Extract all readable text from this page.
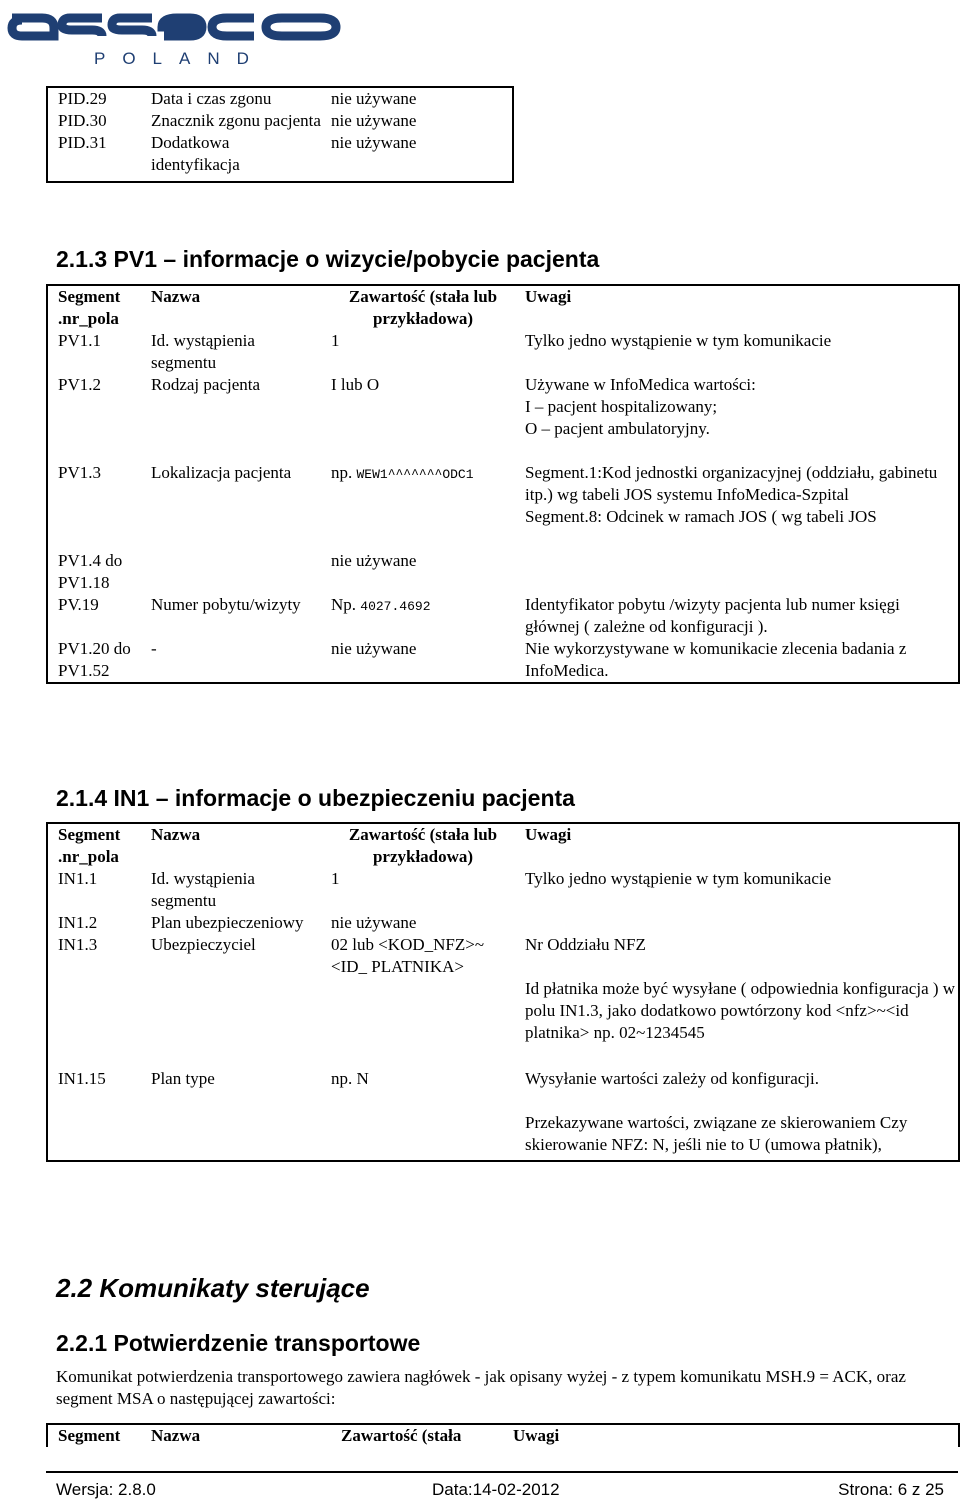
POLAND
PID.29	Data i czas zgonu	nie używane
PID.30	Znacznik zgonu pacjenta	nie używane
PID.31	Dodatkowa identyfikacja	nie używane
2.1.3 PV1 – informacje o wizycie/pobycie pacjenta
Segment .nr_pola	Nazwa	Zawartość (stała lub przykładowa)	Uwagi
PV1.1	Id. wystąpienia segmentu	1	Tylko jedno wystąpienie w tym komunikacie
PV1.2	Rodzaj pacjenta	I lub O	Używane w InfoMedica wartości:
I – pacjent hospitalizowany;
O – pacjent ambulatoryjny.

PV1.3	Lokalizacja pacjenta	np. WEW1^^^^^^^ODC1	Segment.1:Kod jednostki organizacyjnej (oddziału, gabinetu itp.) wg tabeli JOS systemu InfoMedica-Szpital
Segment.8: Odcinek w ramach JOS ( wg tabeli JOS

PV1.4 do PV1.18		nie używane	
PV.19	Numer pobytu/wizyty	Np. 4027.4692	Identyfikator pobytu /wizyty pacjenta lub numer księgi głównej ( zależne od konfiguracji ).
PV1.20 do PV1.52	-	nie używane	Nie wykorzystywane w komunikacie zlecenia badania z InfoMedica.
2.1.4 IN1 – informacje o ubezpieczeniu pacjenta
Segment .nr_pola	Nazwa	Zawartość (stała lub przykładowa)	Uwagi
IN1.1	Id. wystąpienia segmentu	1	Tylko jedno wystąpienie w tym komunikacie
IN1.2	Plan ubezpieczeniowy	nie używane	
IN1.3	Ubezpieczyciel	02 lub <KOD_NFZ>~<ID_ PLATNIKA>	Nr Oddziału NFZ
Id płatnika może być wysyłane ( odpowiednia konfiguracja ) w polu IN1.3, jako dodatkowo powtórzony kod <nfz>~<id platnika> np. 02~1234545

IN1.15	Plan type	np. N	Wysyłanie wartości zależy od konfiguracji.
Przekazywane wartości, związane ze skierowaniem Czy skierowanie NFZ: N, jeśli nie to U (umowa płatnik),
2.2 Komunikaty sterujące
2.2.1 Potwierdzenie transportowe
Komunikat potwierdzenia transportowego zawiera nagłówek - jak opisany wyżej - z typem komunikatu MSH.9 = ACK, oraz segment MSA o następującej zawartości:
Segment	Nazwa	Zawartość (stała	Uwagi
Wersja: 2.8.0	Data:14-02-2012	Strona: 6 z 25
